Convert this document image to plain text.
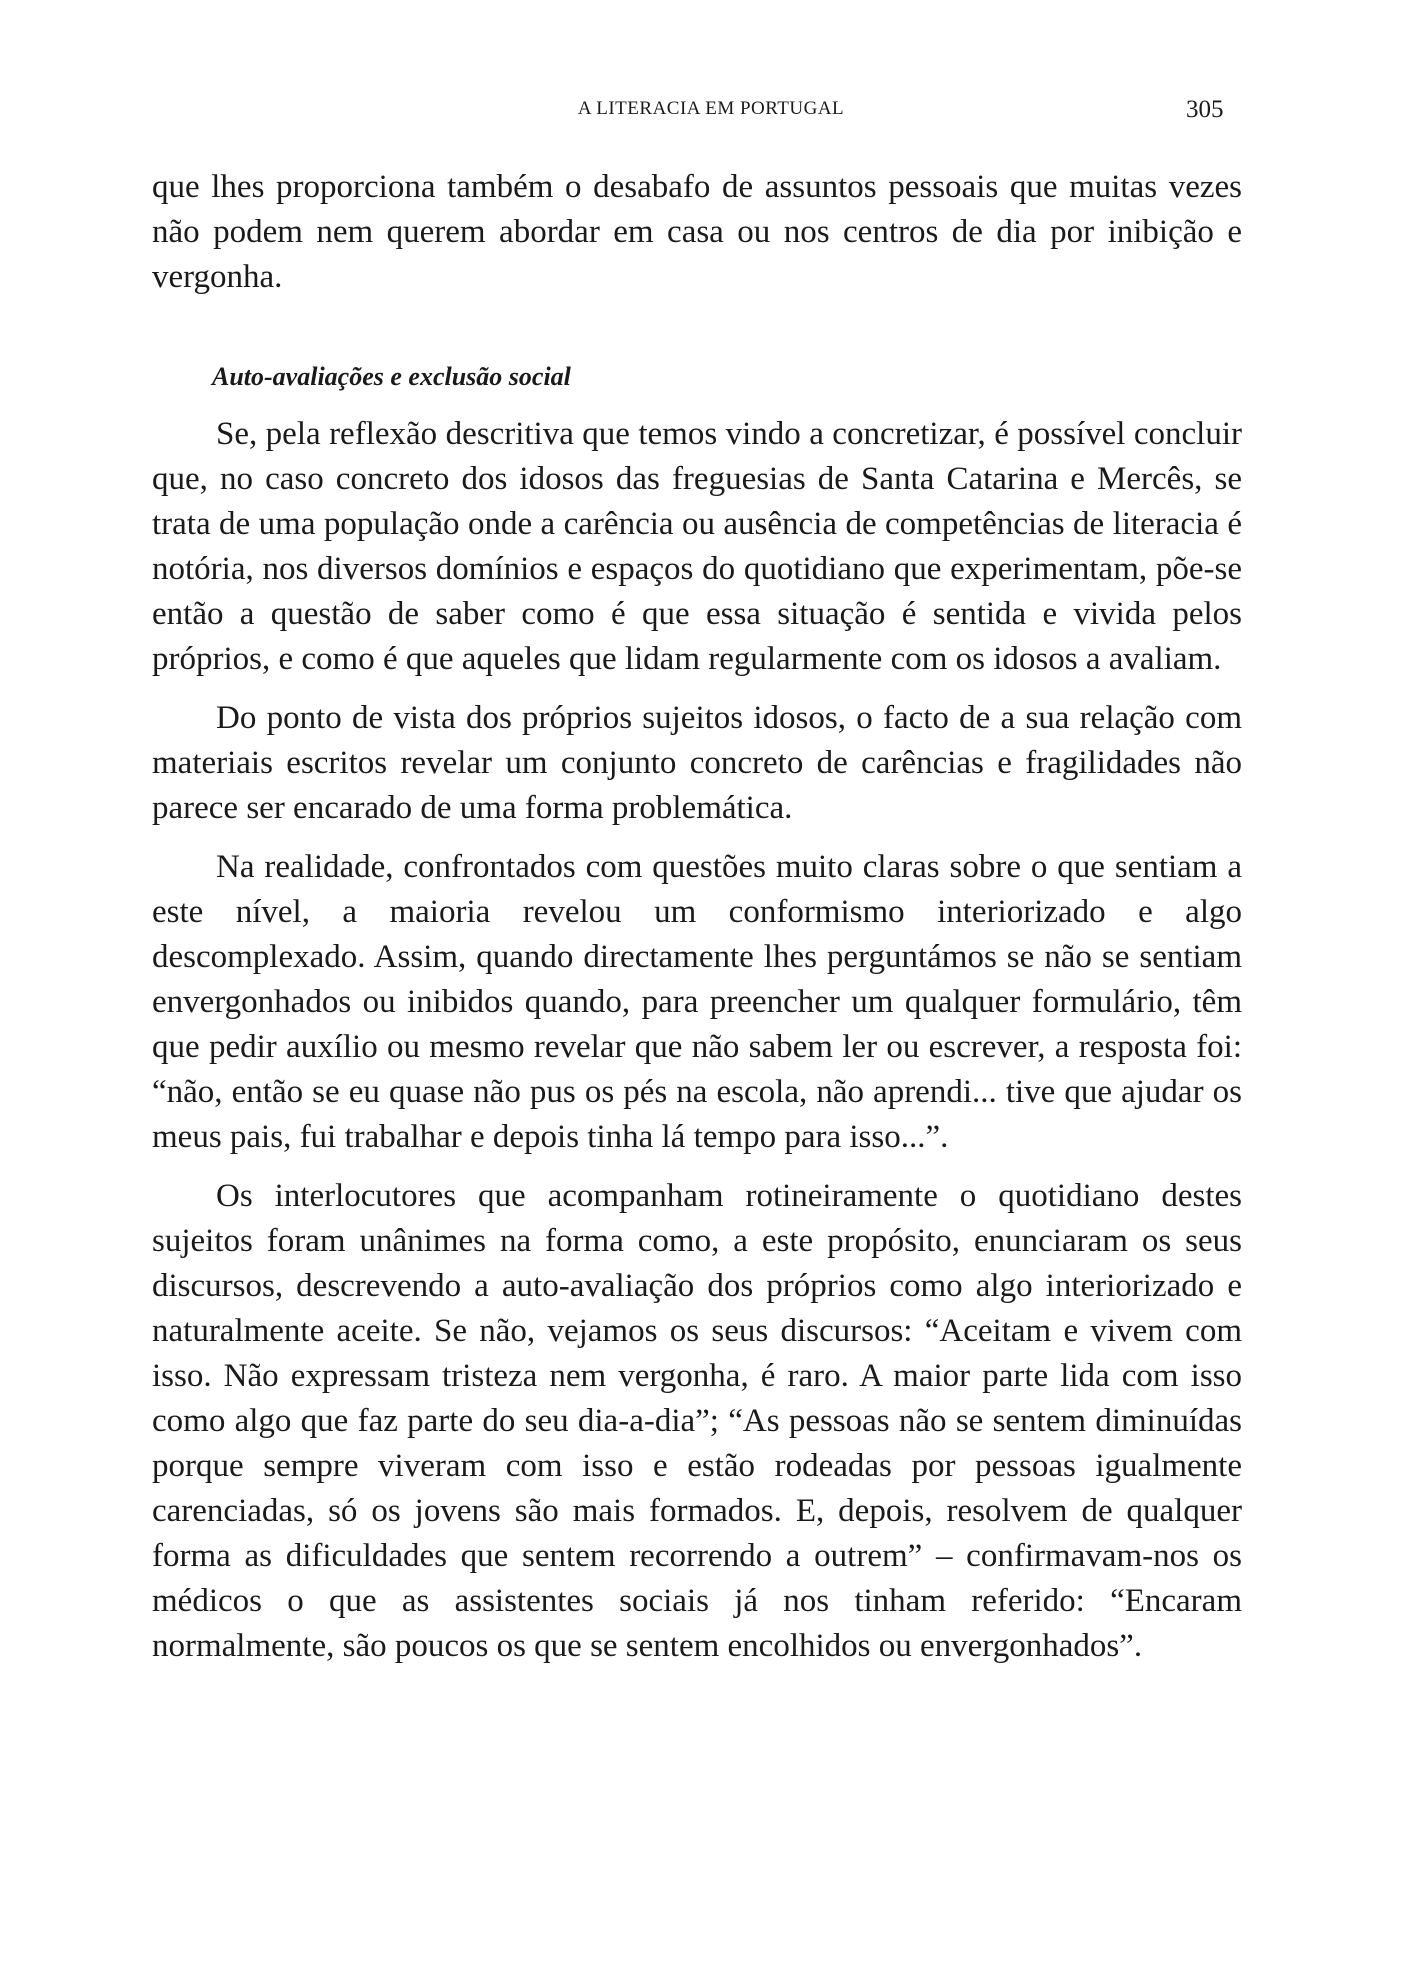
A LITERACIA EM PORTUGAL	305

que lhes proporciona também o desabafo de assuntos pessoais que muitas vezes não podem nem querem abordar em casa ou nos centros de dia por inibição e vergonha.

Auto-avaliações e exclusão social

Se, pela reflexão descritiva que temos vindo a concretizar, é possível concluir que, no caso concreto dos idosos das freguesias de Santa Catarina e Mercês, se trata de uma população onde a carência ou ausência de competências de literacia é notória, nos diversos domínios e espaços do quotidiano que experimentam, põe-se então a questão de saber como é que essa situação é sentida e vivida pelos próprios, e como é que aqueles que lidam regularmente com os idosos a avaliam.

Do ponto de vista dos próprios sujeitos idosos, o facto de a sua relação com materiais escritos revelar um conjunto concreto de carências e fragilidades não parece ser encarado de uma forma problemática.

Na realidade, confrontados com questões muito claras sobre o que sentiam a este nível, a maioria revelou um conformismo interiorizado e algo descomplexado. Assim, quando directamente lhes perguntámos se não se sentiam envergonhados ou inibidos quando, para preencher um qualquer formulário, têm que pedir auxílio ou mesmo revelar que não sabem ler ou escrever, a resposta foi: “não, então se eu quase não pus os pés na escola, não aprendi... tive que ajudar os meus pais, fui trabalhar e depois tinha lá tempo para isso...”.

Os interlocutores que acompanham rotineiramente o quotidiano destes sujeitos foram unânimes na forma como, a este propósito, enunciaram os seus discursos, descrevendo a auto-avaliação dos próprios como algo interiorizado e naturalmente aceite. Se não, vejamos os seus discursos: “Aceitam e vivem com isso. Não expressam tristeza nem vergonha, é raro. A maior parte lida com isso como algo que faz parte do seu dia-a-dia”; “As pessoas não se sentem diminuídas porque sempre viveram com isso e estão rodeadas por pessoas igualmente carenciadas, só os jovens são mais formados. E, depois, resolvem de qualquer forma as dificuldades que sentem recorrendo a outrem” – confirmavam-nos os médicos o que as assistentes sociais já nos tinham referido: “Encaram normalmente, são poucos os que se sentem encolhidos ou envergonhados”.
